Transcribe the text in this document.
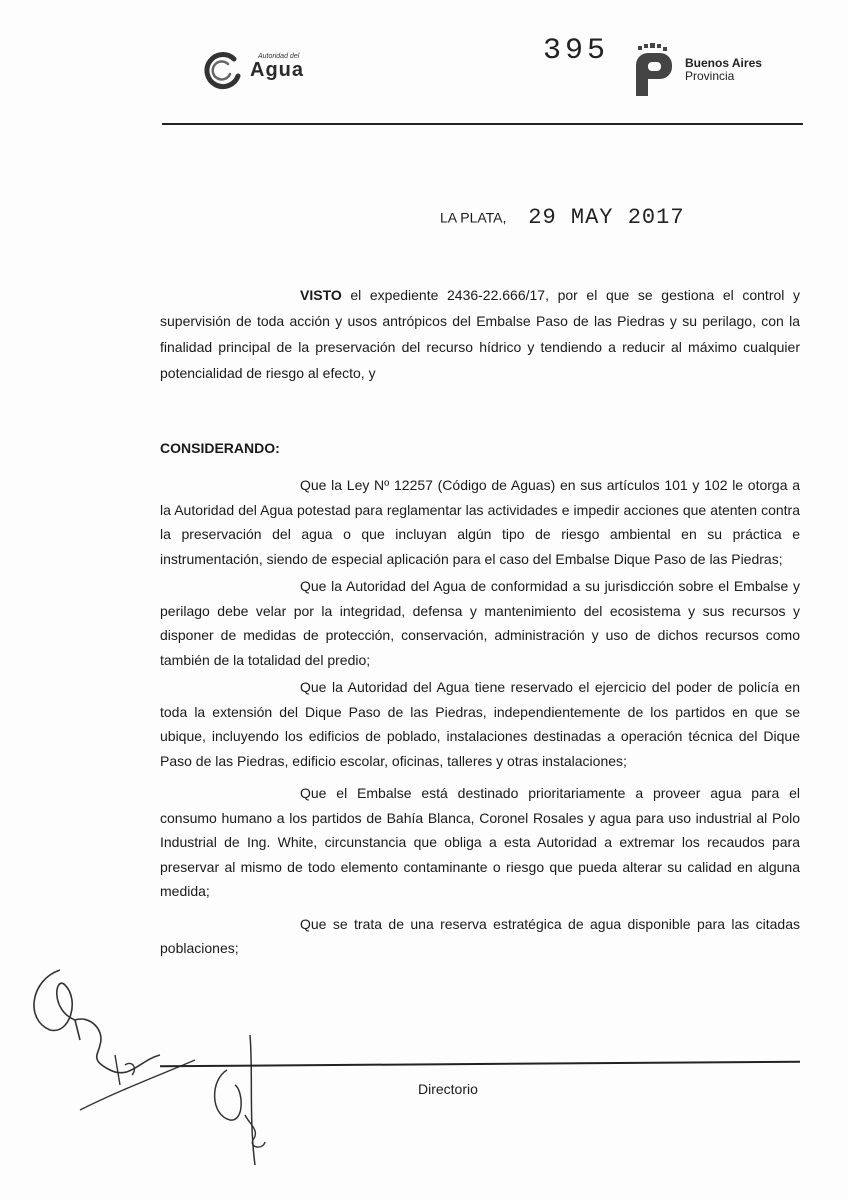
Autoridad del
Agua
395	Buenos Aires
Provincia
LA PLATA, 29 MAY 2017

VISTO el expediente 2436-22.666/17, por el que se gestiona el control y supervisión de toda acción y usos antrópicos del Embalse Paso de las Piedras y su perilago, con la finalidad principal de la preservación del recurso hídrico y tendiendo a reducir al máximo cualquier potencialidad de riesgo al efecto, y

CONSIDERANDO:

Que la Ley Nº 12257 (Código de Aguas) en sus artículos 101 y 102 le otorga a la Autoridad del Agua potestad para reglamentar las actividades e impedir acciones que atenten contra la preservación del agua o que incluyan algún tipo de riesgo ambiental en su práctica e instrumentación, siendo de especial aplicación para el caso del Embalse Dique Paso de las Piedras;

Que la Autoridad del Agua de conformidad a su jurisdicción sobre el Embalse y perilago debe velar por la integridad, defensa y mantenimiento del ecosistema y sus recursos y disponer de medidas de protección, conservación, administración y uso de dichos recursos como también de la totalidad del predio;

Que la Autoridad del Agua tiene reservado el ejercicio del poder de policía en toda la extensión del Dique Paso de las Piedras, independientemente de los partidos en que se ubique, incluyendo los edificios de poblado, instalaciones destinadas a operación técnica del Dique Paso de las Piedras, edificio escolar, oficinas, talleres y otras instalaciones;

Que el Embalse está destinado prioritariamente a proveer agua para el consumo humano a los partidos de Bahía Blanca, Coronel Rosales y agua para uso industrial al Polo Industrial de Ing. White, circunstancia que obliga a esta Autoridad a extremar los recaudos para preservar al mismo de todo elemento contaminante o riesgo que pueda alterar su calidad en alguna medida;

Que se trata de una reserva estratégica de agua disponible para las citadas poblaciones;

Directorio
